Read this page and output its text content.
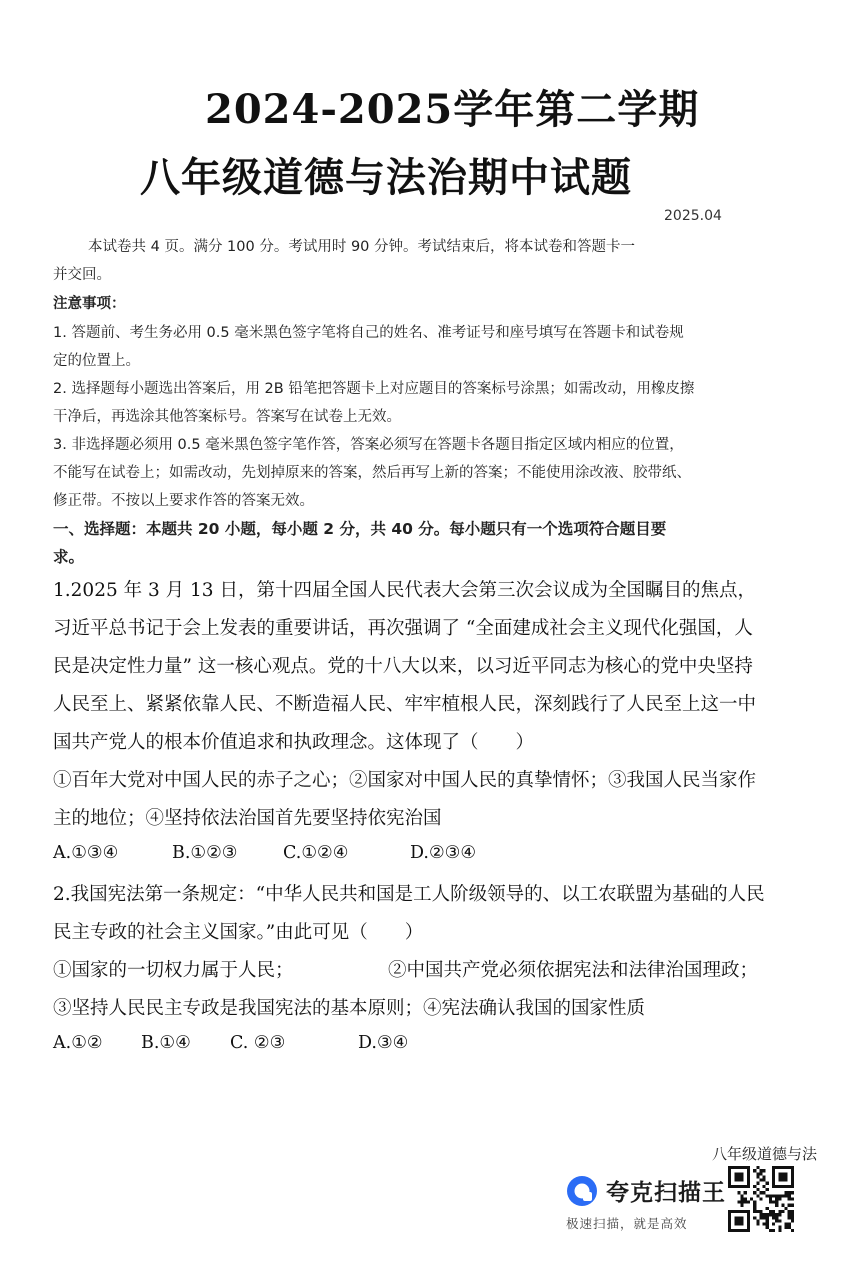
2024-2025学年第二学期
八年级道德与法治期中试题
2025.04
本试卷共 4 页。满分 100 分。考试用时 90 分钟。考试结束后，将本试卷和答题卡一
并交回。
注意事项：
1. 答题前、考生务必用 0.5 毫米黑色签字笔将自己的姓名、准考证号和座号填写在答题卡和试卷规
定的位置上。
2. 选择题每小题选出答案后，用 2B 铅笔把答题卡上对应题目的答案标号涂黑；如需改动，用橡皮擦
干净后，再选涂其他答案标号。答案写在试卷上无效。
3. 非选择题必须用 0.5 毫米黑色签字笔作答，答案必须写在答题卡各题目指定区域内相应的位置，
不能写在试卷上；如需改动，先划掉原来的答案，然后再写上新的答案；不能使用涂改液、胶带纸、
修正带。不按以上要求作答的答案无效。
一、选择题：本题共 20 小题，每小题 2 分，共 40 分。每小题只有一个选项符合题目要
求。
1.2025 年 3 月 13 日，第十四届全国人民代表大会第三次会议成为全国瞩目的焦点，
习近平总书记于会上发表的重要讲话，再次强调了 “全面建成社会主义现代化强国，人
民是决定性力量” 这一核心观点。党的十八大以来，以习近平同志为核心的党中央坚持
人民至上、紧紧依靠人民、不断造福人民、牢牢植根人民，深刻践行了人民至上这一中
国共产党人的根本价值追求和执政理念。这体现了（　　）
①百年大党对中国人民的赤子之心；②国家对中国人民的真挚情怀；③我国人民当家作
主的地位；④坚持依法治国首先要坚持依宪治国
A.①③④	B.①②③	C.①②④	D.②③④
2.我国宪法第一条规定：“中华人民共和国是工人阶级领导的、以工农联盟为基础的人民
民主专政的社会主义国家。”由此可见（　　）
①国家的一切权力属于人民；	②中国共产党必须依据宪法和法律治国理政；
③坚持人民民主专政是我国宪法的基本原则；④宪法确认我国的国家性质
A.①② B.①④ C. ②③	D.③④
八年级道德与法
夸克扫描王
极速扫描，就是高效
